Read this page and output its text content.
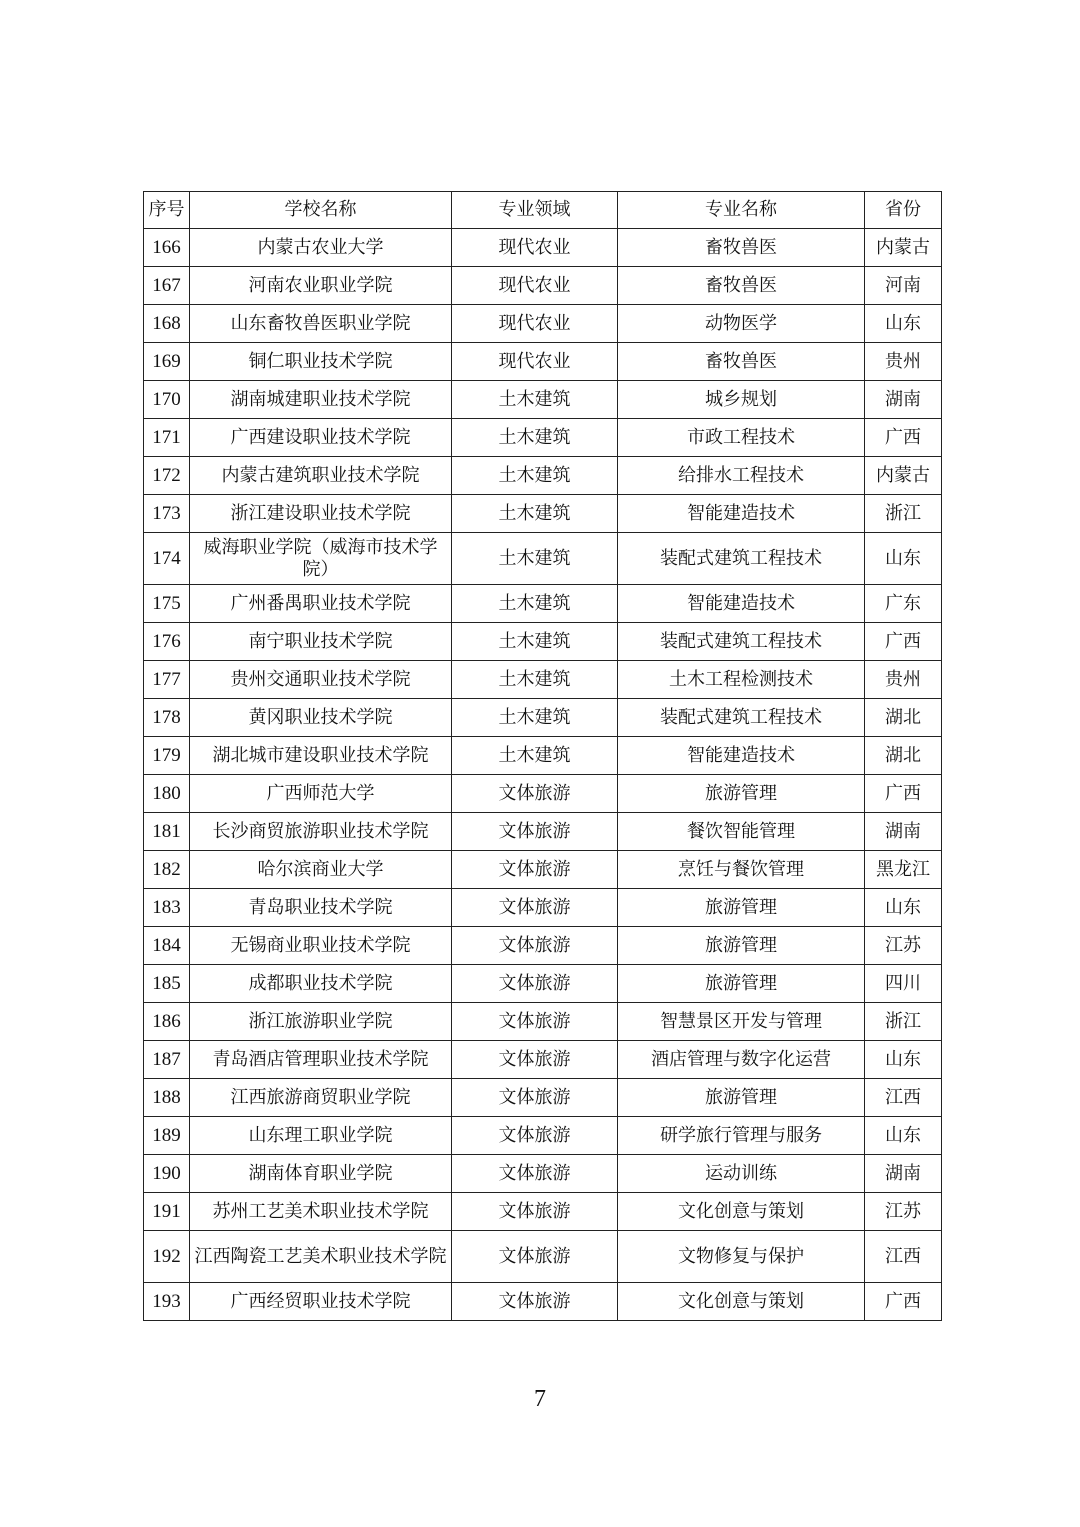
序号	学校名称	专业领域	专业名称	省份
166	内蒙古农业大学	现代农业	畜牧兽医	内蒙古
167	河南农业职业学院	现代农业	畜牧兽医	河南
168	山东畜牧兽医职业学院	现代农业	动物医学	山东
169	铜仁职业技术学院	现代农业	畜牧兽医	贵州
170	湖南城建职业技术学院	土木建筑	城乡规划	湖南
171	广西建设职业技术学院	土木建筑	市政工程技术	广西
172	内蒙古建筑职业技术学院	土木建筑	给排水工程技术	内蒙古
173	浙江建设职业技术学院	土木建筑	智能建造技术	浙江
174	威海职业学院（威海市技术学院）	土木建筑	装配式建筑工程技术	山东
175	广州番禺职业技术学院	土木建筑	智能建造技术	广东
176	南宁职业技术学院	土木建筑	装配式建筑工程技术	广西
177	贵州交通职业技术学院	土木建筑	土木工程检测技术	贵州
178	黄冈职业技术学院	土木建筑	装配式建筑工程技术	湖北
179	湖北城市建设职业技术学院	土木建筑	智能建造技术	湖北
180	广西师范大学	文体旅游	旅游管理	广西
181	长沙商贸旅游职业技术学院	文体旅游	餐饮智能管理	湖南
182	哈尔滨商业大学	文体旅游	烹饪与餐饮管理	黑龙江
183	青岛职业技术学院	文体旅游	旅游管理	山东
184	无锡商业职业技术学院	文体旅游	旅游管理	江苏
185	成都职业技术学院	文体旅游	旅游管理	四川
186	浙江旅游职业学院	文体旅游	智慧景区开发与管理	浙江
187	青岛酒店管理职业技术学院	文体旅游	酒店管理与数字化运营	山东
188	江西旅游商贸职业学院	文体旅游	旅游管理	江西
189	山东理工职业学院	文体旅游	研学旅行管理与服务	山东
190	湖南体育职业学院	文体旅游	运动训练	湖南
191	苏州工艺美术职业技术学院	文体旅游	文化创意与策划	江苏
192	江西陶瓷工艺美术职业技术学院	文体旅游	文物修复与保护	江西
193	广西经贸职业技术学院	文体旅游	文化创意与策划	广西
7
